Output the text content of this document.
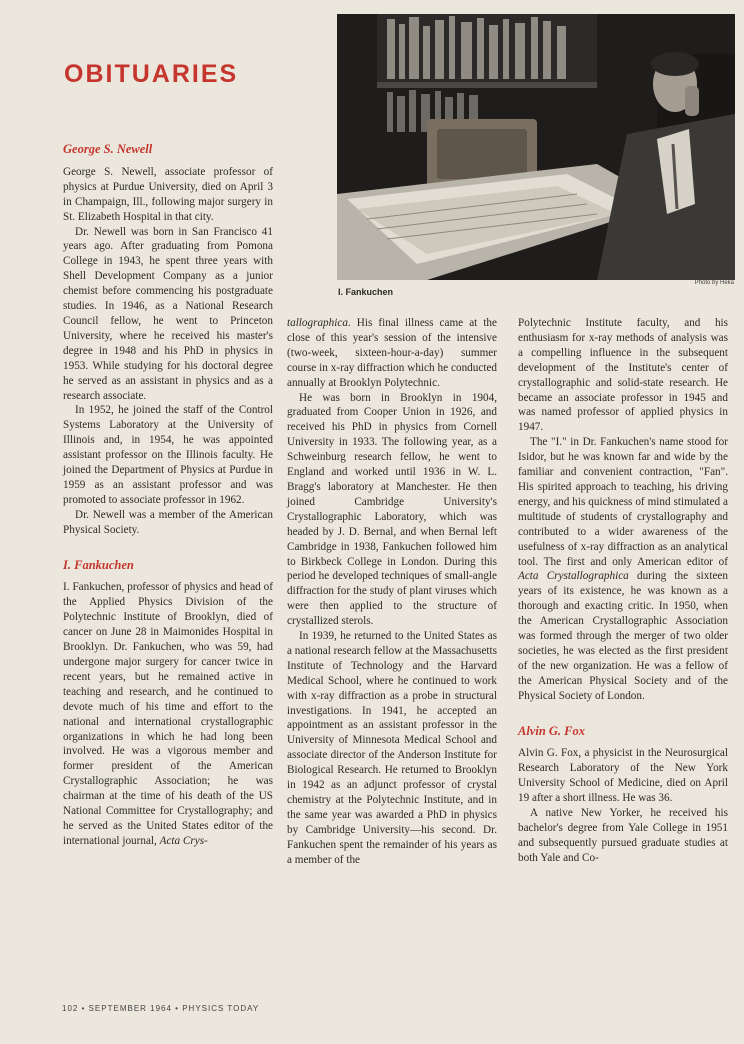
OBITUARIES
I. Fankuchen
Photo by Heka

George S. Newell

George S. Newell, associate professor of physics at Purdue University, died on April 3 in Champaign, Ill., following major surgery in St. Elizabeth Hospital in that city.

Dr. Newell was born in San Francisco 41 years ago. After graduating from Pomona College in 1943, he spent three years with Shell Development Company as a junior chemist before commencing his postgraduate studies. In 1946, as a National Research Council fellow, he went to Princeton University, where he received his master's degree in 1948 and his PhD in physics in 1953. While studying for his doctoral degree he served as an assistant in physics and as a research associate.

In 1952, he joined the staff of the Control Systems Laboratory at the University of Illinois and, in 1954, he was appointed assistant professor on the Illinois faculty. He joined the Department of Physics at Purdue in 1959 as an assistant professor and was promoted to associate professor in 1962.

Dr. Newell was a member of the American Physical Society.

I. Fankuchen

I. Fankuchen, professor of physics and head of the Applied Physics Division of the Polytechnic Institute of Brooklyn, died of cancer on June 28 in Maimonides Hospital in Brooklyn. Dr. Fankuchen, who was 59, had undergone major surgery for cancer twice in recent years, but he remained active in teaching and research, and he continued to devote much of his time and effort to the national and international crystallographic organizations in which he had long been involved. He was a vigorous member and former president of the American Crystallographic Association; he was chairman at the time of his death of the US National Committee for Crystallography; and he served as the United States editor of the international journal, Acta Crys-

tallographica. His final illness came at the close of this year's session of the intensive (two-week, sixteen-hour-a-day) summer course in x-ray diffraction which he conducted annually at Brooklyn Polytechnic.

He was born in Brooklyn in 1904, graduated from Cooper Union in 1926, and received his PhD in physics from Cornell University in 1933. The following year, as a Schweinburg research fellow, he went to England and worked until 1936 in W. L. Bragg's laboratory at Manchester. He then joined Cambridge University's Crystallographic Laboratory, which was headed by J. D. Bernal, and when Bernal left Cambridge in 1938, Fankuchen followed him to Birkbeck College in London. During this period he developed techniques of small-angle diffraction for the study of plant viruses which were then applied to the structure of crystallized sterols.

In 1939, he returned to the United States as a national research fellow at the Massachusetts Institute of Technology and the Harvard Medical School, where he continued to work with x-ray diffraction as a probe in structural investigations. In 1941, he accepted an appointment as an assistant professor in the University of Minnesota Medical School and associate director of the Anderson Institute for Biological Research. He returned to Brooklyn in 1942 as an adjunct professor of crystal chemistry at the Polytechnic Institute, and in the same year was awarded a PhD in physics by Cambridge University—his second. Dr. Fankuchen spent the remainder of his years as a member of the

Polytechnic Institute faculty, and his enthusiasm for x-ray methods of analysis was a compelling influence in the subsequent development of the Institute's center of crystallographic and solid-state research. He became an associate professor in 1945 and was named professor of applied physics in 1947.

The "I." in Dr. Fankuchen's name stood for Isidor, but he was known far and wide by the familiar and convenient contraction, "Fan". His spirited approach to teaching, his driving energy, and his quickness of mind stimulated a multitude of students of crystallography and contributed to a wider awareness of the usefulness of x-ray diffraction as an analytical tool. The first and only American editor of Acta Crystallographica during the sixteen years of its existence, he was known as a thorough and exacting critic. In 1950, when the American Crystallographic Association was formed through the merger of two older societies, he was elected as the first president of the new organization. He was a fellow of the American Physical Society and of the Physical Society of London.

Alvin G. Fox

Alvin G. Fox, a physicist in the Neurosurgical Research Laboratory of the New York University School of Medicine, died on April 19 after a short illness. He was 36.

A native New Yorker, he received his bachelor's degree from Yale College in 1951 and subsequently pursued graduate studies at both Yale and Co-

102 • SEPTEMBER 1964 • PHYSICS TODAY
